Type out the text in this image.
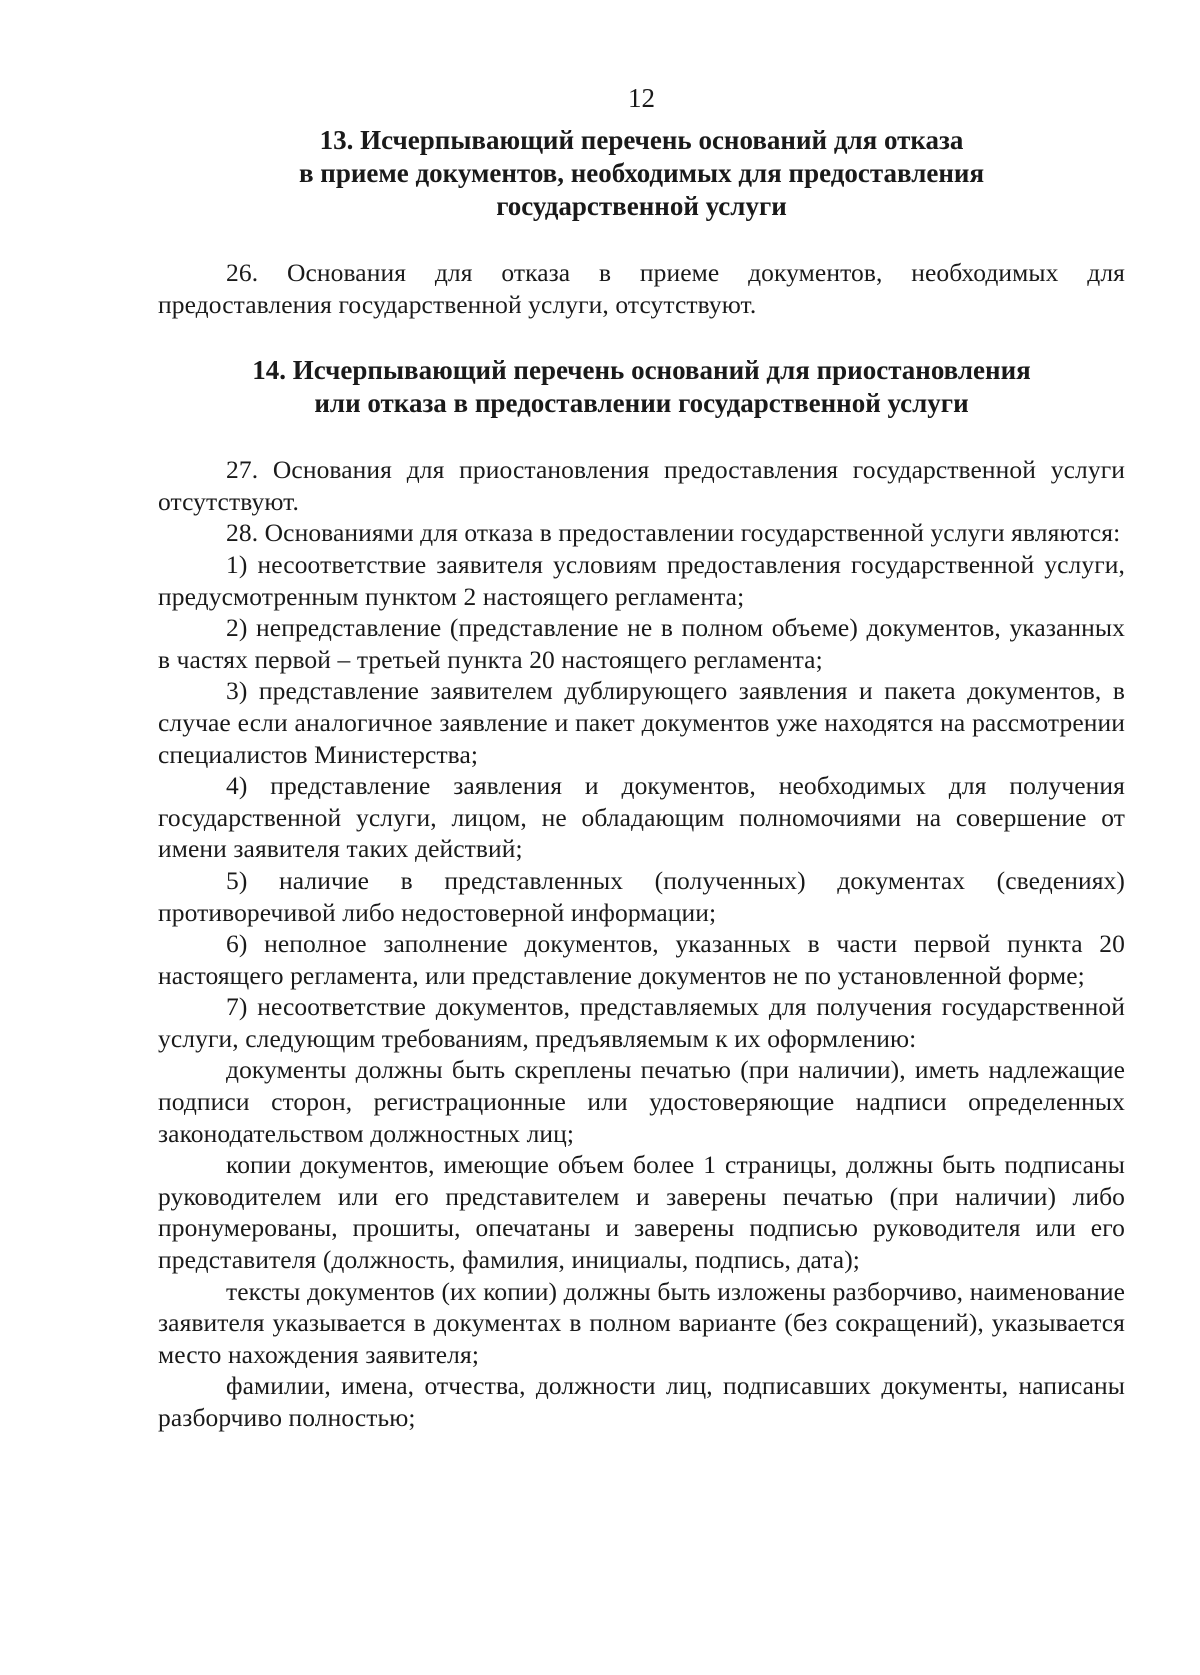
12
13. Исчерпывающий перечень оснований для отказа
в приеме документов, необходимых для предоставления
государственной услуги

26. Основания для отказа в приеме документов, необходимых для предоставления государственной услуги, отсутствуют.

14. Исчерпывающий перечень оснований для приостановления
или отказа в предоставлении государственной услуги

27. Основания для приостановления предоставления государственной услуги отсутствуют.

28. Основаниями для отказа в предоставлении государственной услуги являются:

1) несоответствие заявителя условиям предоставления государственной услуги, предусмотренным пунктом 2 настоящего регламента;

2) непредставление (представление не в полном объеме) документов, указанных в частях первой – третьей пункта 20 настоящего регламента;

3) представление заявителем дублирующего заявления и пакета документов, в случае если аналогичное заявление и пакет документов уже находятся на рассмотрении специалистов Министерства;

4) представление заявления и документов, необходимых для получения государственной услуги, лицом, не обладающим полномочиями на совершение от имени заявителя таких действий;

5) наличие в представленных (полученных) документах (сведениях) противоречивой либо недостоверной информации;

6) неполное заполнение документов, указанных в части первой пункта 20 настоящего регламента, или представление документов не по установленной форме;

7) несоответствие документов, представляемых для получения государственной услуги, следующим требованиям, предъявляемым к их оформлению:

документы должны быть скреплены печатью (при наличии), иметь надлежащие подписи сторон, регистрационные или удостоверяющие надписи определенных законодательством должностных лиц;

копии документов, имеющие объем более 1 страницы, должны быть подписаны руководителем или его представителем и заверены печатью (при наличии) либо пронумерованы, прошиты, опечатаны и заверены подписью руководителя или его представителя (должность, фамилия, инициалы, подпись, дата);

тексты документов (их копии) должны быть изложены разборчиво, наименование заявителя указывается в документах в полном варианте (без сокращений), указывается место нахождения заявителя;

фамилии, имена, отчества, должности лиц, подписавших документы, написаны разборчиво полностью;
